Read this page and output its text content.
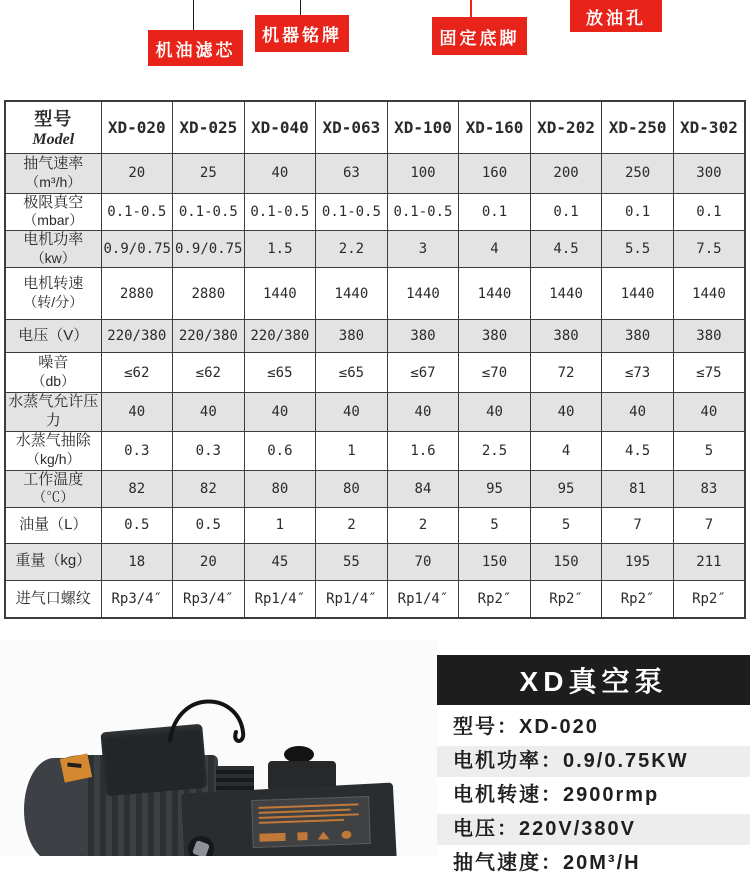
机油滤芯
机器铭牌	固定底脚
放油孔
型号
Model	XD-020	XD-025	XD-040	XD-063	XD-100	XD-160	XD-202	XD-250	XD-302

抽气速率
（m³/h）	20	25	40	63	100	160	200	250	300

极限真空
（mbar）	0.1-0.5	0.1-0.5	0.1-0.5	0.1-0.5	0.1-0.5	0.1	0.1	0.1	0.1

电机功率
（kw）	0.9/0.75	0.9/0.75	1.5	2.2	3	4	4.5	5.5	7.5

电机转速
（转/分）	2880	2880	1440	1440	1440	1440	1440	1440	1440

电压（V）	220/380	220/380	220/380	380	380	380	380	380	380

噪音
（db）	≤62	≤62	≤65	≤65	≤67	≤70	72	≤73	≤75

水蒸气允许压力	40	40	40	40	40	40	40	40	40

水蒸气抽除
（kg/h）	0.3	0.3	0.6	1	1.6	2.5	4	4.5	5

工作温度
（℃）	82	82	80	80	84	95	95	81	83

油量（L）	0.5	0.5	1	2	2	5	5	7	7

重量（kg）	18	20	45	55	70	150	150	195	211

进气口螺纹	Rp3/4″	Rp3/4″	Rp1/4″	Rp1/4″	Rp1/4″	Rp2″	Rp2″	Rp2″	Rp2″
XD真空泵
型号：XD-020
电机功率：0.9/0.75KW
电机转速：2900rmp
电压：220V/380V
抽气速度：20M³/H
